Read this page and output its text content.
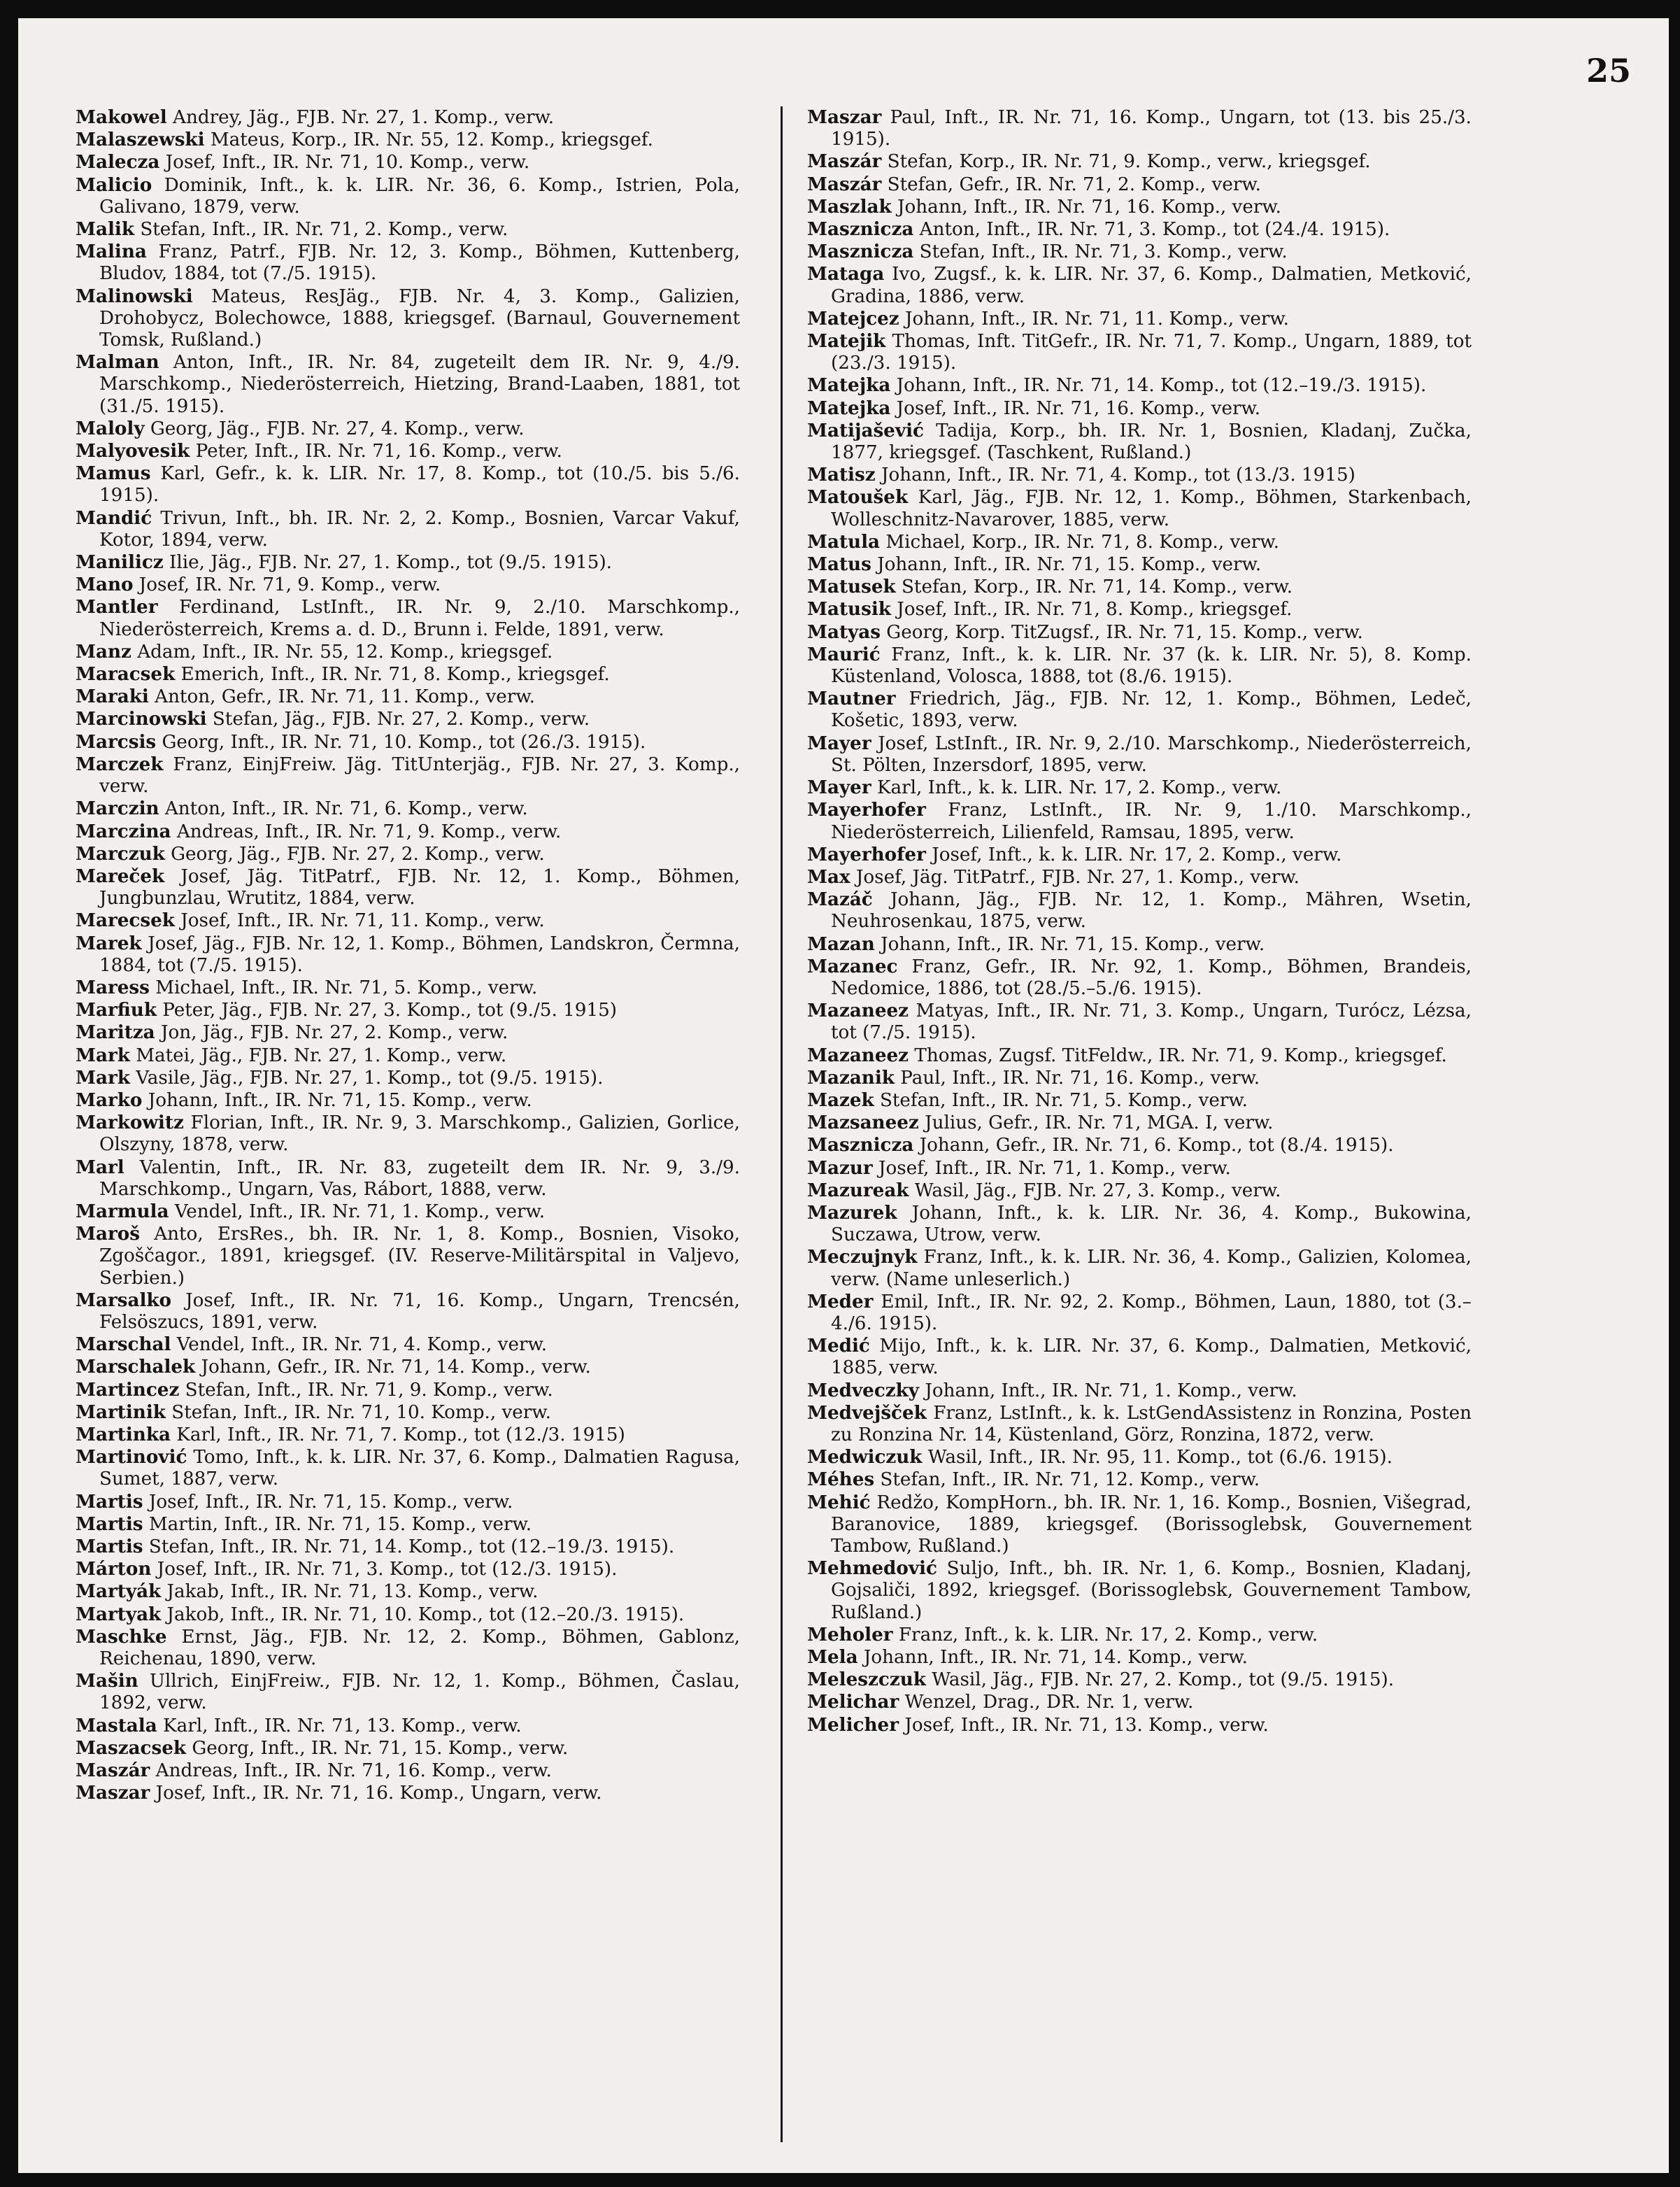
25
Makowel Andrey, Jäg., FJB. Nr. 27, 1. Komp., verw.
Malaszewski Mateus, Korp., IR. Nr. 55, 12. Komp., kriegsgef.
Malecza Josef, Inft., IR. Nr. 71, 10. Komp., verw.
Malicio Dominik, Inft., k. k. LIR. Nr. 36, 6. Komp., Istrien, Pola, Galivano, 1879, verw.
Malik Stefan, Inft., IR. Nr. 71, 2. Komp., verw.
Malina Franz, Patrf., FJB. Nr. 12, 3. Komp., Böhmen, Kuttenberg, Bludov, 1884, tot (7./5. 1915).
Malinowski Mateus, ResJäg., FJB. Nr. 4, 3. Komp., Galizien, Drohobycz, Bolechowce, 1888, kriegsgef. (Barnaul, Gouvernement Tomsk, Rußland.)
Malman Anton, Inft., IR. Nr. 84, zugeteilt dem IR. Nr. 9, 4./9. Marschkomp., Niederösterreich, Hietzing, Brand-Laaben, 1881, tot (31./5. 1915).
Maloly Georg, Jäg., FJB. Nr. 27, 4. Komp., verw.
Malyovesik Peter, Inft., IR. Nr. 71, 16. Komp., verw.
Mamus Karl, Gefr., k. k. LIR. Nr. 17, 8. Komp., tot (10./5. bis 5./6. 1915).
Mandić Trivun, Inft., bh. IR. Nr. 2, 2. Komp., Bosnien, Varcar Vakuf, Kotor, 1894, verw.
Manilicz Ilie, Jäg., FJB. Nr. 27, 1. Komp., tot (9./5. 1915).
Mano Josef, IR. Nr. 71, 9. Komp., verw.
Mantler Ferdinand, LstInft., IR. Nr. 9, 2./10. Marschkomp., Niederösterreich, Krems a. d. D., Brunn i. Felde, 1891, verw.
Manz Adam, Inft., IR. Nr. 55, 12. Komp., kriegsgef.
Maracsek Emerich, Inft., IR. Nr. 71, 8. Komp., kriegsgef.
Maraki Anton, Gefr., IR. Nr. 71, 11. Komp., verw.
Marcinowski Stefan, Jäg., FJB. Nr. 27, 2. Komp., verw.
Marcsis Georg, Inft., IR. Nr. 71, 10. Komp., tot (26./3. 1915).
Marczek Franz, EinjFreiw. Jäg. TitUnterjäg., FJB. Nr. 27, 3. Komp., verw.
Marczin Anton, Inft., IR. Nr. 71, 6. Komp., verw.
Marczina Andreas, Inft., IR. Nr. 71, 9. Komp., verw.
Marczuk Georg, Jäg., FJB. Nr. 27, 2. Komp., verw.
Mareček Josef, Jäg. TitPatrf., FJB. Nr. 12, 1. Komp., Böhmen, Jungbunzlau, Wrutitz, 1884, verw.
Marecsek Josef, Inft., IR. Nr. 71, 11. Komp., verw.
Marek Josef, Jäg., FJB. Nr. 12, 1. Komp., Böhmen, Landskron, Čermna, 1884, tot (7./5. 1915).
Maress Michael, Inft., IR. Nr. 71, 5. Komp., verw.
Marfiuk Peter, Jäg., FJB. Nr. 27, 3. Komp., tot (9./5. 1915)
Maritza Jon, Jäg., FJB. Nr. 27, 2. Komp., verw.
Mark Matei, Jäg., FJB. Nr. 27, 1. Komp., verw.
Mark Vasile, Jäg., FJB. Nr. 27, 1. Komp., tot (9./5. 1915).
Marko Johann, Inft., IR. Nr. 71, 15. Komp., verw.
Markowitz Florian, Inft., IR. Nr. 9, 3. Marschkomp., Galizien, Gorlice, Olszyny, 1878, verw.
Marl Valentin, Inft., IR. Nr. 83, zugeteilt dem IR. Nr. 9, 3./9. Marschkomp., Ungarn, Vas, Rábort, 1888, verw.
Marmula Vendel, Inft., IR. Nr. 71, 1. Komp., verw.
Maroš Anto, ErsRes., bh. IR. Nr. 1, 8. Komp., Bosnien, Visoko, Zgoščagor., 1891, kriegsgef. (IV. Reserve-Militärspital in Valjevo, Serbien.)
Marsalko Josef, Inft., IR. Nr. 71, 16. Komp., Ungarn, Trencsén, Felsöszucs, 1891, verw.
Marschal Vendel, Inft., IR. Nr. 71, 4. Komp., verw.
Marschalek Johann, Gefr., IR. Nr. 71, 14. Komp., verw.
Martincez Stefan, Inft., IR. Nr. 71, 9. Komp., verw.
Martinik Stefan, Inft., IR. Nr. 71, 10. Komp., verw.
Martinka Karl, Inft., IR. Nr. 71, 7. Komp., tot (12./3. 1915)
Martinović Tomo, Inft., k. k. LIR. Nr. 37, 6. Komp., Dalmatien Ragusa, Sumet, 1887, verw.
Martis Josef, Inft., IR. Nr. 71, 15. Komp., verw.
Martis Martin, Inft., IR. Nr. 71, 15. Komp., verw.
Martis Stefan, Inft., IR. Nr. 71, 14. Komp., tot (12.–19./3. 1915).
Márton Josef, Inft., IR. Nr. 71, 3. Komp., tot (12./3. 1915).
Martyák Jakab, Inft., IR. Nr. 71, 13. Komp., verw.
Martyak Jakob, Inft., IR. Nr. 71, 10. Komp., tot (12.–20./3. 1915).
Maschke Ernst, Jäg., FJB. Nr. 12, 2. Komp., Böhmen, Gablonz, Reichenau, 1890, verw.
Mašin Ullrich, EinjFreiw., FJB. Nr. 12, 1. Komp., Böhmen, Časlau, 1892, verw.
Mastala Karl, Inft., IR. Nr. 71, 13. Komp., verw.
Maszacsek Georg, Inft., IR. Nr. 71, 15. Komp., verw.
Maszár Andreas, Inft., IR. Nr. 71, 16. Komp., verw.
Maszar Josef, Inft., IR. Nr. 71, 16. Komp., Ungarn, verw.
Maszar Paul, Inft., IR. Nr. 71, 16. Komp., Ungarn, tot (13. bis 25./3. 1915).
Maszár Stefan, Korp., IR. Nr. 71, 9. Komp., verw., kriegsgef.
Maszár Stefan, Gefr., IR. Nr. 71, 2. Komp., verw.
Maszlak Johann, Inft., IR. Nr. 71, 16. Komp., verw.
Masznicza Anton, Inft., IR. Nr. 71, 3. Komp., tot (24./4. 1915).
Masznicza Stefan, Inft., IR. Nr. 71, 3. Komp., verw.
Mataga Ivo, Zugsf., k. k. LIR. Nr. 37, 6. Komp., Dalmatien, Metković, Gradina, 1886, verw.
Matejcez Johann, Inft., IR. Nr. 71, 11. Komp., verw.
Matejik Thomas, Inft. TitGefr., IR. Nr. 71, 7. Komp., Ungarn, 1889, tot (23./3. 1915).
Matejka Johann, Inft., IR. Nr. 71, 14. Komp., tot (12.–19./3. 1915).
Matejka Josef, Inft., IR. Nr. 71, 16. Komp., verw.
Matijašević Tadija, Korp., bh. IR. Nr. 1, Bosnien, Kladanj, Zučka, 1877, kriegsgef. (Taschkent, Rußland.)
Matisz Johann, Inft., IR. Nr. 71, 4. Komp., tot (13./3. 1915)
Matoušek Karl, Jäg., FJB. Nr. 12, 1. Komp., Böhmen, Starkenbach, Wolleschnitz-Navarover, 1885, verw.
Matula Michael, Korp., IR. Nr. 71, 8. Komp., verw.
Matus Johann, Inft., IR. Nr. 71, 15. Komp., verw.
Matusek Stefan, Korp., IR. Nr. 71, 14. Komp., verw.
Matusik Josef, Inft., IR. Nr. 71, 8. Komp., kriegsgef.
Matyas Georg, Korp. TitZugsf., IR. Nr. 71, 15. Komp., verw.
Maurić Franz, Inft., k. k. LIR. Nr. 37 (k. k. LIR. Nr. 5), 8. Komp. Küstenland, Volosca, 1888, tot (8./6. 1915).
Mautner Friedrich, Jäg., FJB. Nr. 12, 1. Komp., Böhmen, Ledeč, Košetic, 1893, verw.
Mayer Josef, LstInft., IR. Nr. 9, 2./10. Marschkomp., Niederösterreich, St. Pölten, Inzersdorf, 1895, verw.
Mayer Karl, Inft., k. k. LIR. Nr. 17, 2. Komp., verw.
Mayerhofer Franz, LstInft., IR. Nr. 9, 1./10. Marschkomp., Niederösterreich, Lilienfeld, Ramsau, 1895, verw.
Mayerhofer Josef, Inft., k. k. LIR. Nr. 17, 2. Komp., verw.
Max Josef, Jäg. TitPatrf., FJB. Nr. 27, 1. Komp., verw.
Mazáč Johann, Jäg., FJB. Nr. 12, 1. Komp., Mähren, Wsetin, Neuhrosenkau, 1875, verw.
Mazan Johann, Inft., IR. Nr. 71, 15. Komp., verw.
Mazanec Franz, Gefr., IR. Nr. 92, 1. Komp., Böhmen, Brandeis, Nedomice, 1886, tot (28./5.–5./6. 1915).
Mazaneez Matyas, Inft., IR. Nr. 71, 3. Komp., Ungarn, Turócz, Lézsa, tot (7./5. 1915).
Mazaneez Thomas, Zugsf. TitFeldw., IR. Nr. 71, 9. Komp., kriegsgef.
Mazanik Paul, Inft., IR. Nr. 71, 16. Komp., verw.
Mazek Stefan, Inft., IR. Nr. 71, 5. Komp., verw.
Mazsaneez Julius, Gefr., IR. Nr. 71, MGA. I, verw.
Masznicza Johann, Gefr., IR. Nr. 71, 6. Komp., tot (8./4. 1915).
Mazur Josef, Inft., IR. Nr. 71, 1. Komp., verw.
Mazureak Wasil, Jäg., FJB. Nr. 27, 3. Komp., verw.
Mazurek Johann, Inft., k. k. LIR. Nr. 36, 4. Komp., Bukowina, Suczawa, Utrow, verw.
Meczujnyk Franz, Inft., k. k. LIR. Nr. 36, 4. Komp., Galizien, Kolomea, verw. (Name unleserlich.)
Meder Emil, Inft., IR. Nr. 92, 2. Komp., Böhmen, Laun, 1880, tot (3.–4./6. 1915).
Medić Mijo, Inft., k. k. LIR. Nr. 37, 6. Komp., Dalmatien, Metković, 1885, verw.
Medveczky Johann, Inft., IR. Nr. 71, 1. Komp., verw.
Medvejšček Franz, LstInft., k. k. LstGendAssistenz in Ronzina, Posten zu Ronzina Nr. 14, Küstenland, Görz, Ronzina, 1872, verw.
Medwiczuk Wasil, Inft., IR. Nr. 95, 11. Komp., tot (6./6. 1915).
Méhes Stefan, Inft., IR. Nr. 71, 12. Komp., verw.
Mehić Redžo, KompHorn., bh. IR. Nr. 1, 16. Komp., Bosnien, Višegrad, Baranovice, 1889, kriegsgef. (Borissoglebsk, Gouvernement Tambow, Rußland.)
Mehmedović Suljo, Inft., bh. IR. Nr. 1, 6. Komp., Bosnien, Kladanj, Gojsaliči, 1892, kriegsgef. (Borissoglebsk, Gouvernement Tambow, Rußland.)
Meholer Franz, Inft., k. k. LIR. Nr. 17, 2. Komp., verw.
Mela Johann, Inft., IR. Nr. 71, 14. Komp., verw.
Meleszczuk Wasil, Jäg., FJB. Nr. 27, 2. Komp., tot (9./5. 1915).
Melichar Wenzel, Drag., DR. Nr. 1, verw.
Melicher Josef, Inft., IR. Nr. 71, 13. Komp., verw.
